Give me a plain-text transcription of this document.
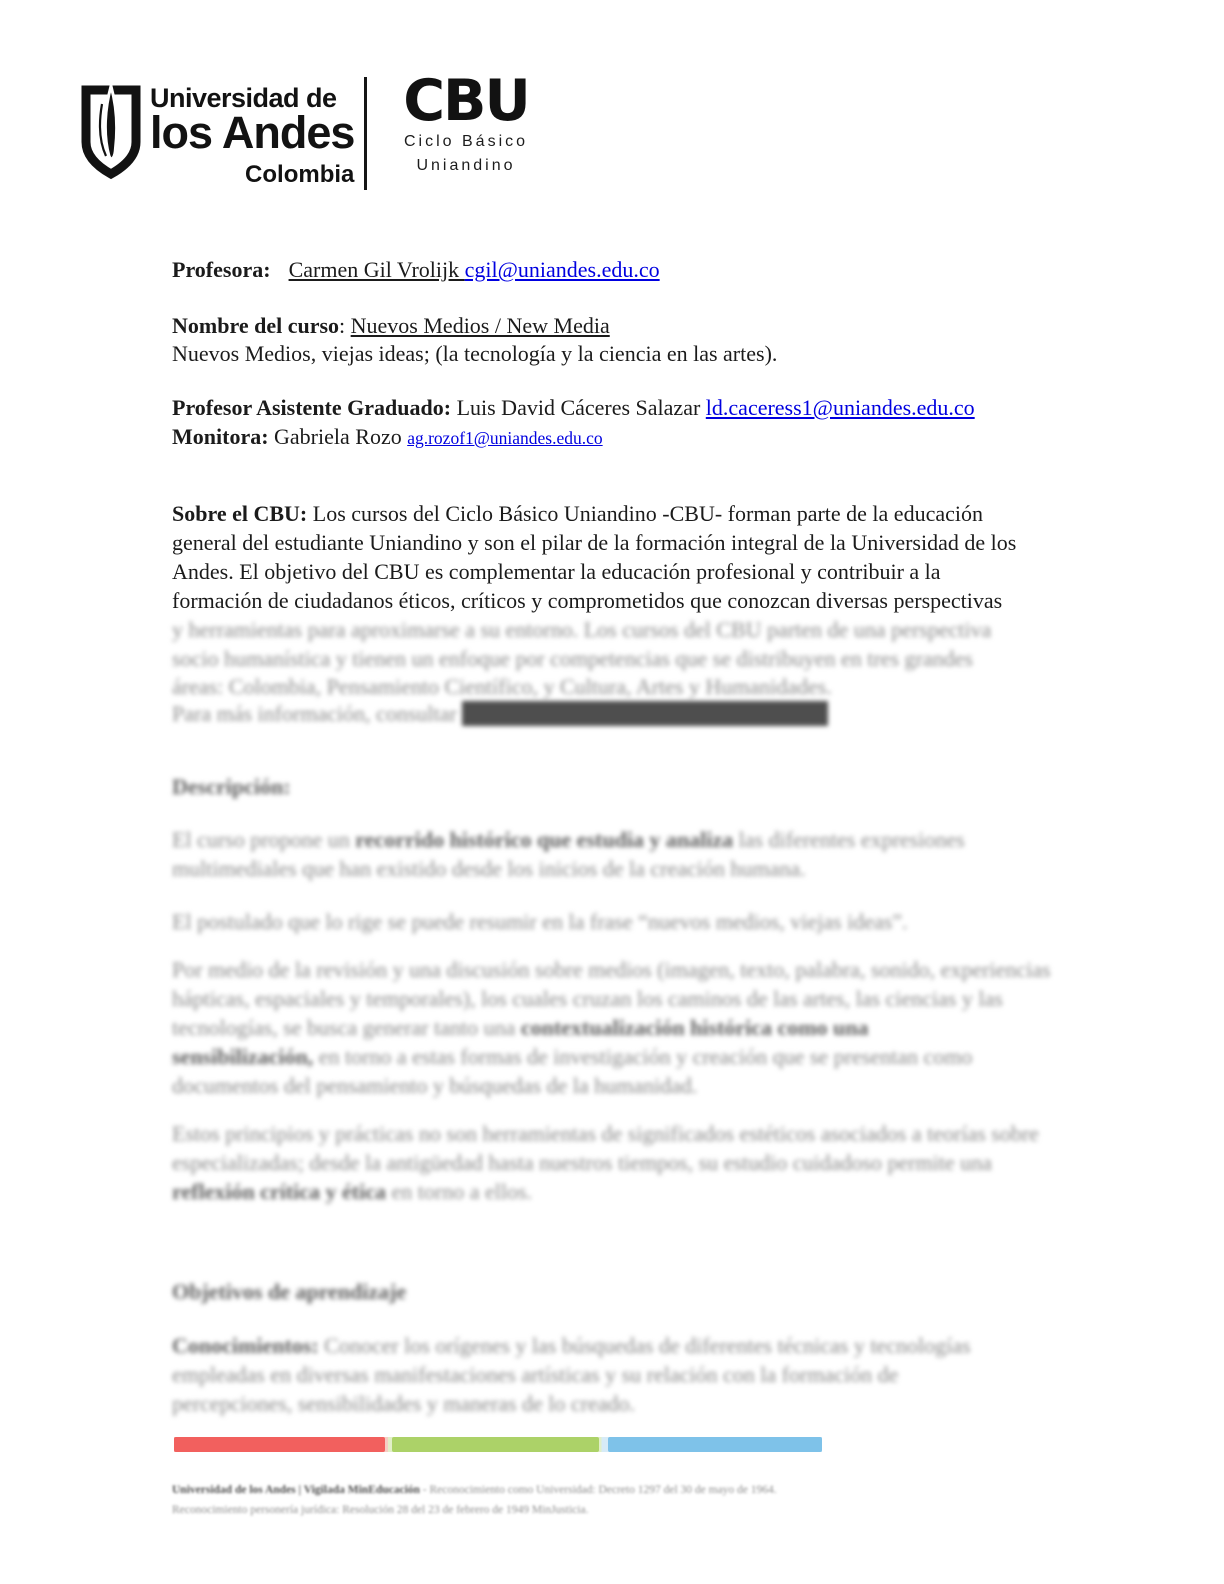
Universidad de
los Andes
Colombia
CBU
Ciclo Básico
Uniandino
Profesora: Carmen Gil Vrolijk cgil@uniandes.edu.co
Nombre del curso: Nuevos Medios / New Media
Nuevos Medios, viejas ideas; (la tecnología y la ciencia en las artes).
Profesor Asistente Graduado: Luis David Cáceres Salazar ld.caceress1@uniandes.edu.co
Monitora: Gabriela Rozo ag.rozof1@uniandes.edu.co
Sobre el CBU: Los cursos del Ciclo Básico Uniandino -CBU- forman parte de la educación
general del estudiante Uniandino y son el pilar de la formación integral de la Universidad de los
Andes. El objetivo del CBU es complementar la educación profesional y contribuir a la
formación de ciudadanos éticos, críticos y comprometidos que conozcan diversas perspectivas
y herramientas para aproximarse a su entorno. Los cursos del CBU parten de una perspectiva
socio humanística y tienen un enfoque por competencias que se distribuyen en tres grandes
áreas: Colombia, Pensamiento Científico, y Cultura, Artes y Humanidades.
Para más información, consultar https://educaciongeneral.uniandes.edu.co
Descripción:
El curso propone un recorrido histórico que estudia y analiza las diferentes expresiones
multimediales que han existido desde los inicios de la creación humana.
El postulado que lo rige se puede resumir en la frase “nuevos medios, viejas ideas”.
Por medio de la revisión y una discusión sobre medios (imagen, texto, palabra, sonido, experiencias
hápticas, espaciales y temporales), los cuales cruzan los caminos de las artes, las ciencias y las
tecnologías, se busca generar tanto una contextualización histórica como una
sensibilización, en torno a estas formas de investigación y creación que se presentan como
documentos del pensamiento y búsquedas de la humanidad.
Estos principios y prácticas no son herramientas de significados estéticos asociados a teorías sobre
especializadas; desde la antigüedad hasta nuestros tiempos, su estudio cuidadoso permite una
reflexión crítica y ética en torno a ellos.
Objetivos de aprendizaje
Conocimientos: Conocer los orígenes y las búsquedas de diferentes técnicas y tecnologías
empleadas en diversas manifestaciones artísticas y su relación con la formación de
percepciones, sensibilidades y maneras de lo creado.
Universidad de los Andes | Vigilada MinEducación - Reconocimiento como Universidad: Decreto 1297 del 30 de mayo de 1964.
Reconocimiento personería jurídica: Resolución 28 del 23 de febrero de 1949 MinJusticia.
